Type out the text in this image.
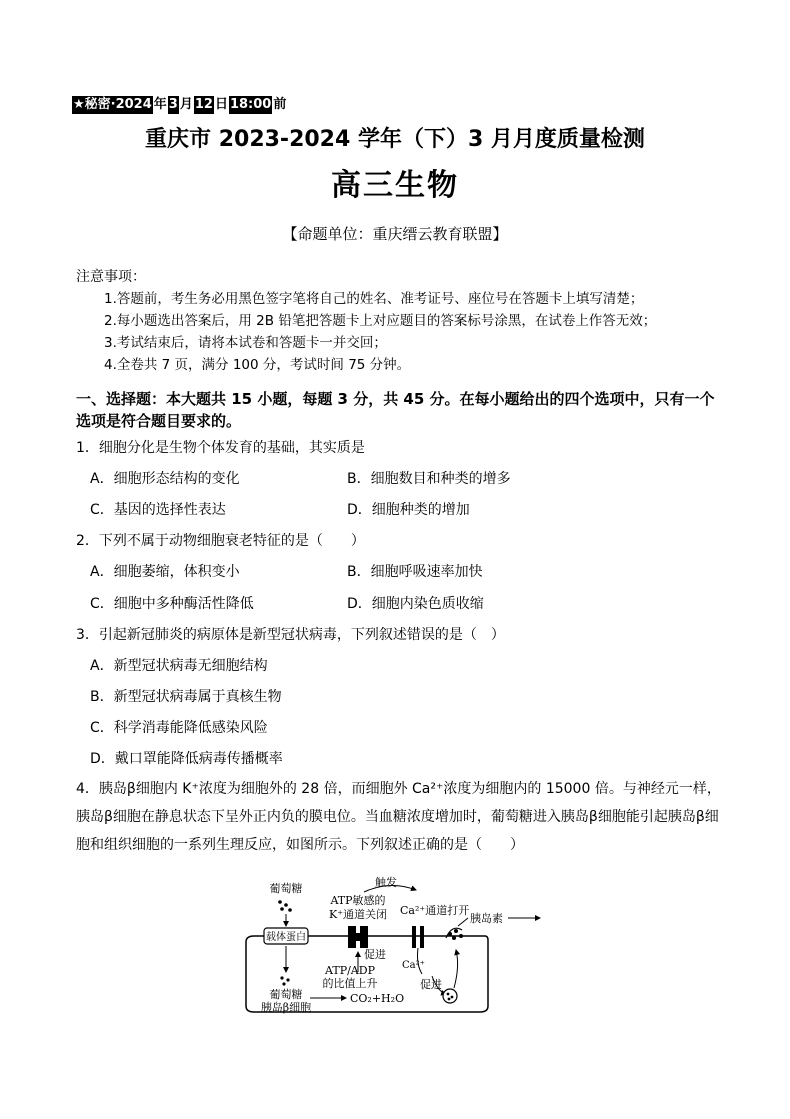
★秘密·2024 年 3 月 12 日 18:00 前
重庆市 2023-2024 学年（下）3 月月度质量检测
高三生物
【命题单位：重庆缙云教育联盟】
注意事项：
1.答题前，考生务必用黑色签字笔将自己的姓名、准考证号、座位号在答题卡上填写清楚；
2.每小题选出答案后，用 2B 铅笔把答题卡上对应题目的答案标号涂黑，在试卷上作答无效；
3.考试结束后，请将本试卷和答题卡一并交回；
4.全卷共 7 页，满分 100 分，考试时间 75 分钟。
一、选择题：本大题共 15 小题，每题 3 分，共 45 分。在每小题给出的四个选项中，只有一个选项是符合题目要求的。
1．细胞分化是生物个体发育的基础，其实质是
A．细胞形态结构的变化	B．细胞数目和种类的增多
C．基因的选择性表达	D．细胞种类的增加
2．下列不属于动物细胞衰老特征的是（　　）
A．细胞萎缩，体积变小	B．细胞呼吸速率加快
C．细胞中多种酶活性降低	D．细胞内染色质收缩
3．引起新冠肺炎的病原体是新型冠状病毒，下列叙述错误的是（　）
A．新型冠状病毒无细胞结构
B．新型冠状病毒属于真核生物
C．科学消毒能降低感染风险
D．戴口罩能降低病毒传播概率
4．胰岛β细胞内 K⁺浓度为细胞外的 28 倍，而细胞外 Ca²⁺浓度为细胞内的 15000 倍。与神经元一样，胰岛β细胞在静息状态下呈外正内负的膜电位。当血糖浓度增加时，葡萄糖进入胰岛β细胞能引起胰岛β细胞和组织细胞的一系列生理反应，如图所示。下列叙述正确的是（　　）
载体蛋白
葡萄糖
葡萄糖
胰岛β细胞
CO₂+H₂O
ATP敏感的
K⁺通道关闭
促进
ATP/ADP
的比值上升
触发
Ca²⁺通道打开
Ca²⁺
促进
胰岛素
